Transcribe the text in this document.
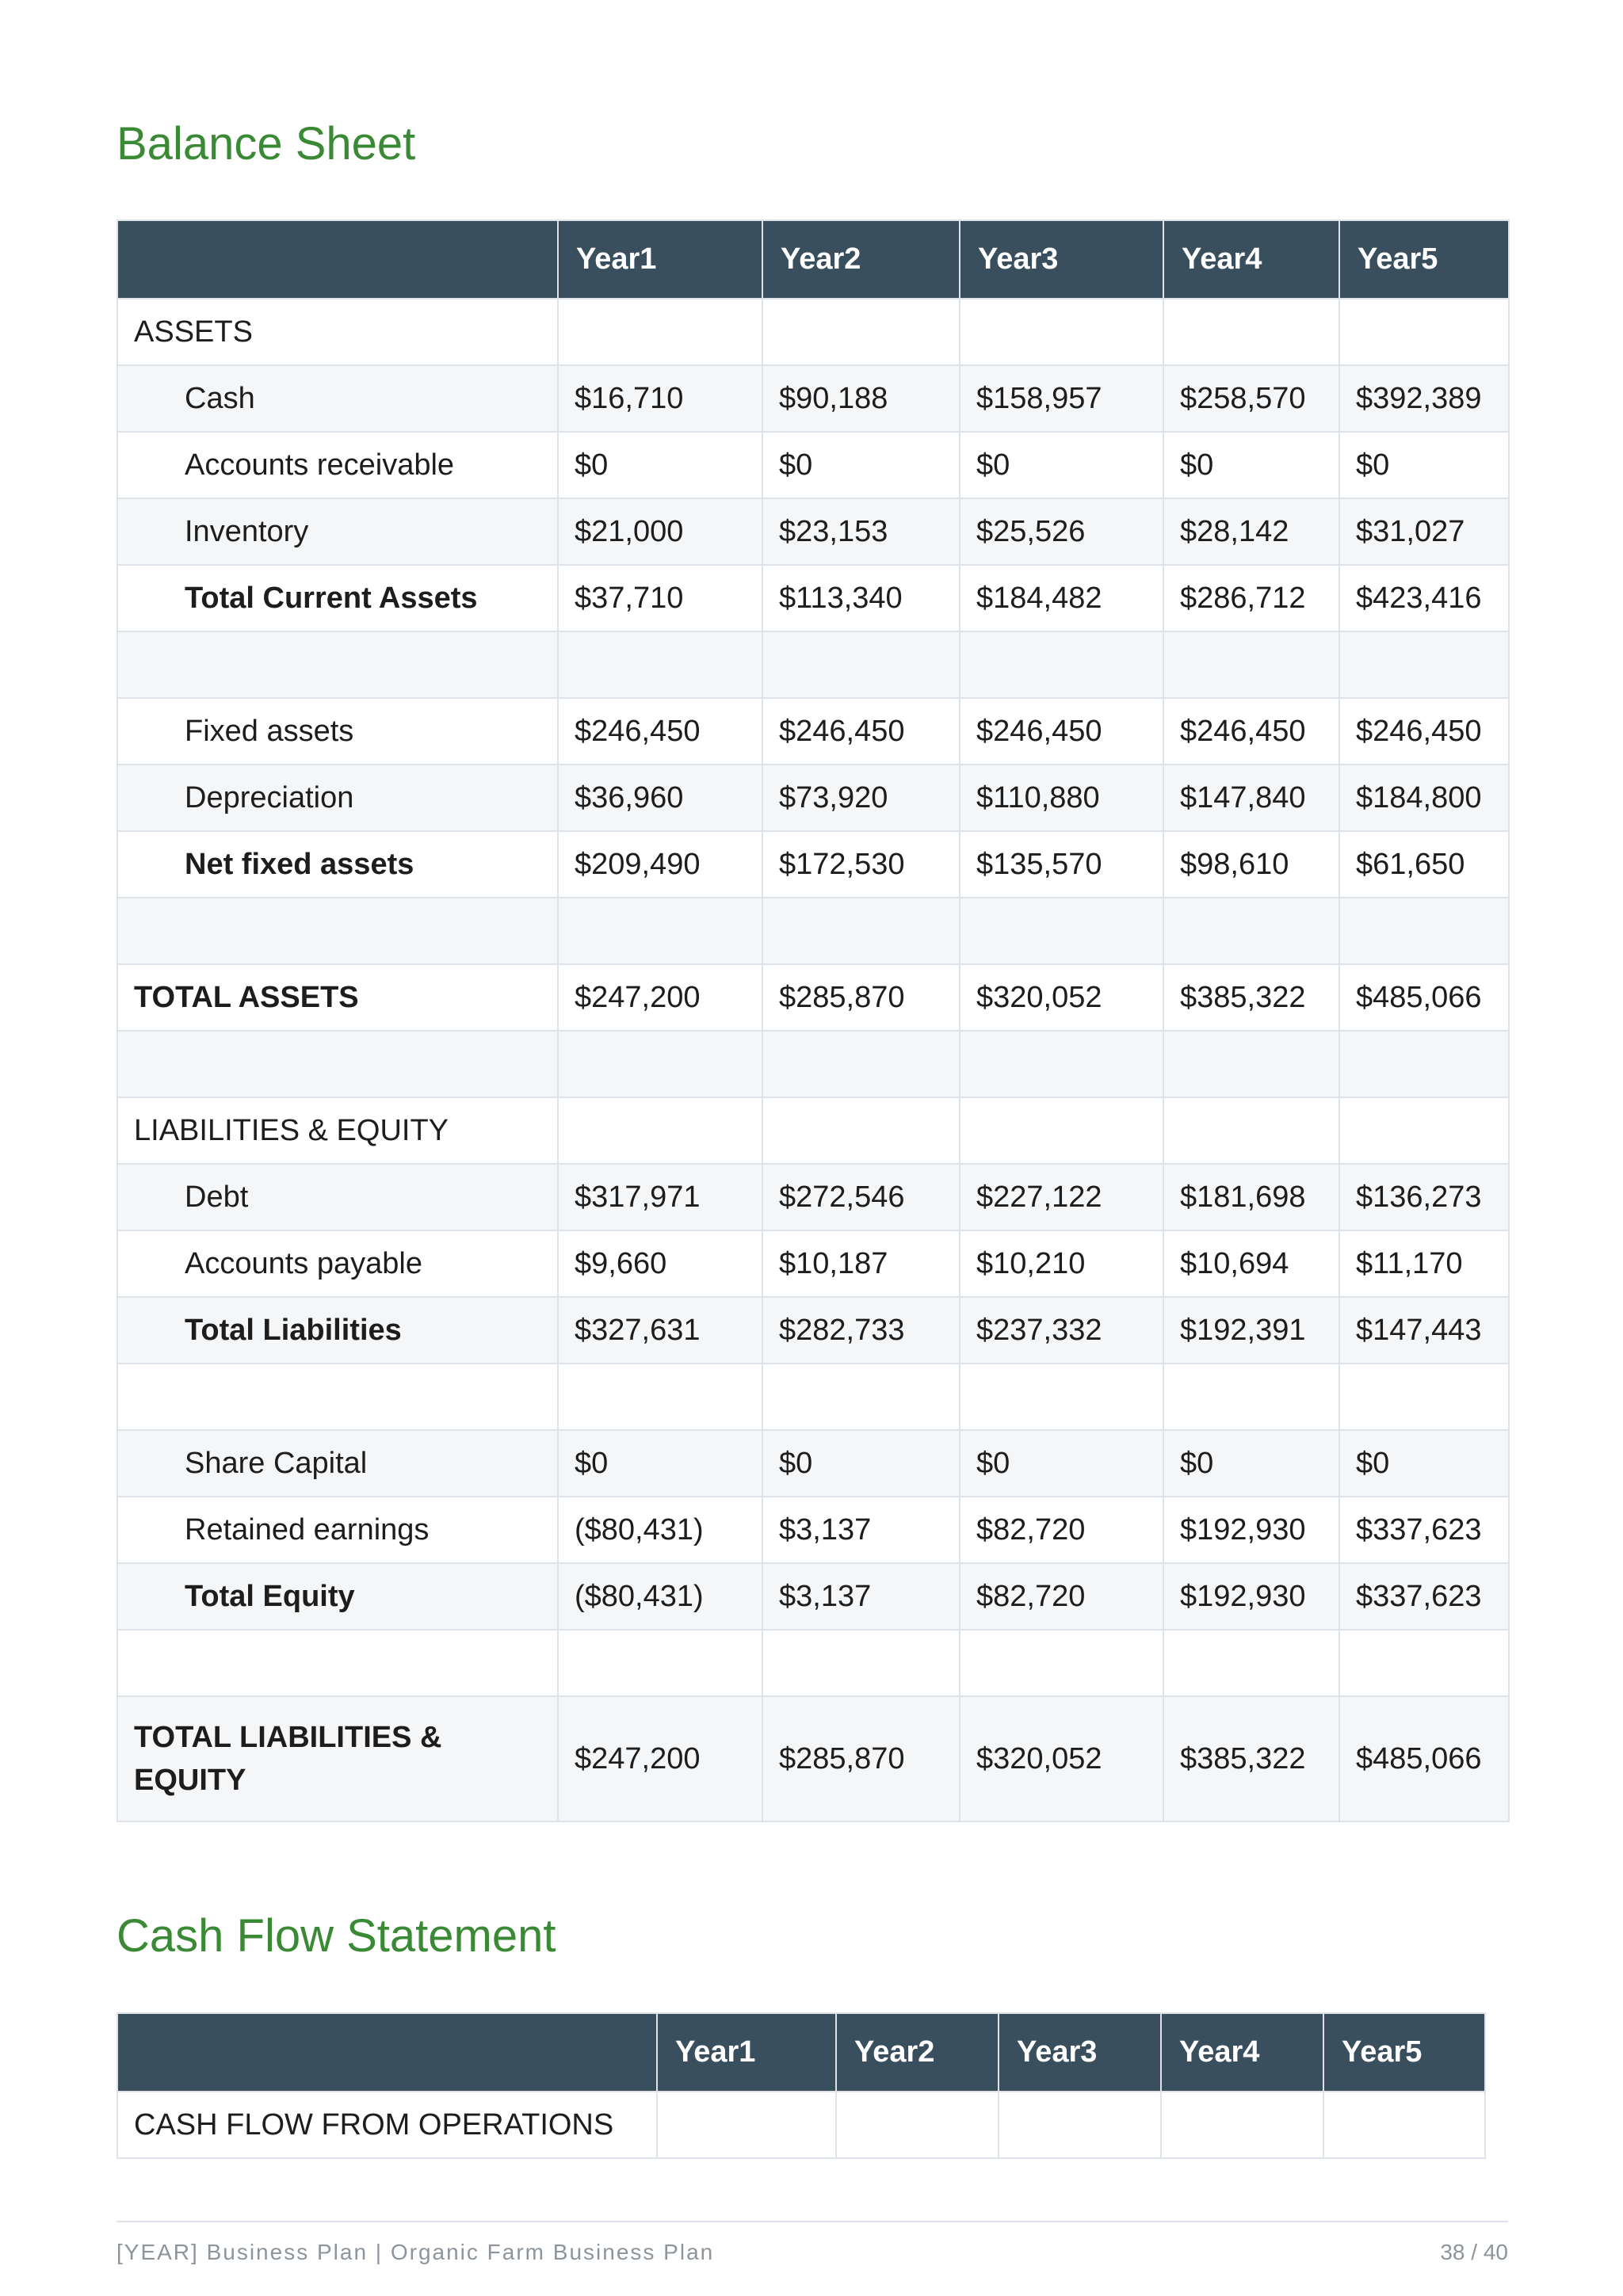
Balance Sheet
	Year1	Year2	Year3	Year4	Year5
ASSETS					
Cash	$16,710	$90,188	$158,957	$258,570	$392,389
Accounts receivable	$0	$0	$0	$0	$0
Inventory	$21,000	$23,153	$25,526	$28,142	$31,027
Total Current Assets	$37,710	$113,340	$184,482	$286,712	$423,416

Fixed assets	$246,450	$246,450	$246,450	$246,450	$246,450
Depreciation	$36,960	$73,920	$110,880	$147,840	$184,800
Net fixed assets	$209,490	$172,530	$135,570	$98,610	$61,650

TOTAL ASSETS	$247,200	$285,870	$320,052	$385,322	$485,066

LIABILITIES & EQUITY					
Debt	$317,971	$272,546	$227,122	$181,698	$136,273
Accounts payable	$9,660	$10,187	$10,210	$10,694	$11,170
Total Liabilities	$327,631	$282,733	$237,332	$192,391	$147,443

Share Capital	$0	$0	$0	$0	$0
Retained earnings	($80,431)	$3,137	$82,720	$192,930	$337,623
Total Equity	($80,431)	$3,137	$82,720	$192,930	$337,623

TOTAL LIABILITIES & EQUITY	$247,200	$285,870	$320,052	$385,322	$485,066
Cash Flow Statement
	Year1	Year2	Year3	Year4	Year5
CASH FLOW FROM OPERATIONS					
[YEAR] Business Plan | Organic Farm Business Plan	38 / 40
